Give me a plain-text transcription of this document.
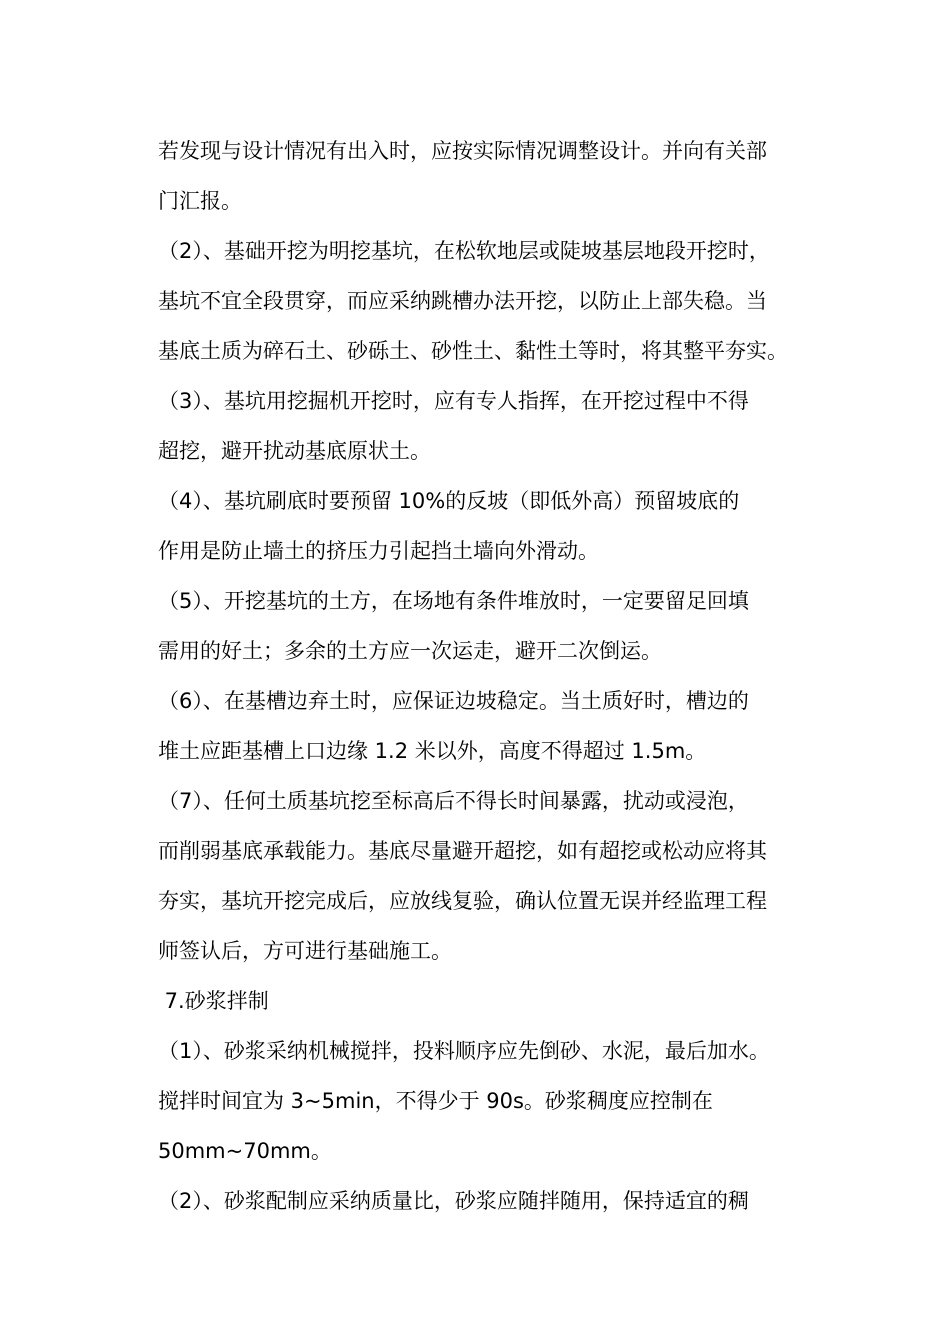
若发现与设计情况有出入时，应按实际情况调整设计。并向有关部
门汇报。
（2）、基础开挖为明挖基坑，在松软地层或陡坡基层地段开挖时，
基坑不宜全段贯穿，而应采纳跳槽办法开挖，以防止上部失稳。当
基底土质为碎石土、砂砾土、砂性土、黏性土等时，将其整平夯实。
（3）、基坑用挖掘机开挖时，应有专人指挥，在开挖过程中不得
超挖，避开扰动基底原状土。
（4）、基坑刷底时要预留 10%的反坡（即低外高）预留坡底的
作用是防止墙土的挤压力引起挡土墙向外滑动。
（5）、开挖基坑的土方，在场地有条件堆放时，一定要留足回填
需用的好土；多余的土方应一次运走，避开二次倒运。
（6）、在基槽边弃土时，应保证边坡稳定。当土质好时，槽边的
堆土应距基槽上口边缘 1.2 米以外，高度不得超过 1.5m。
（7）、任何土质基坑挖至标高后不得长时间暴露，扰动或浸泡，
而削弱基底承载能力。基底尽量避开超挖，如有超挖或松动应将其
夯实，基坑开挖完成后，应放线复验，确认位置无误并经监理工程
师签认后，方可进行基础施工。
7.砂浆拌制
（1）、砂浆采纳机械搅拌，投料顺序应先倒砂、水泥，最后加水。
搅拌时间宜为 3~5min，不得少于 90s。砂浆稠度应控制在
50mm~70mm。
（2）、砂浆配制应采纳质量比，砂浆应随拌随用，保持适宜的稠
